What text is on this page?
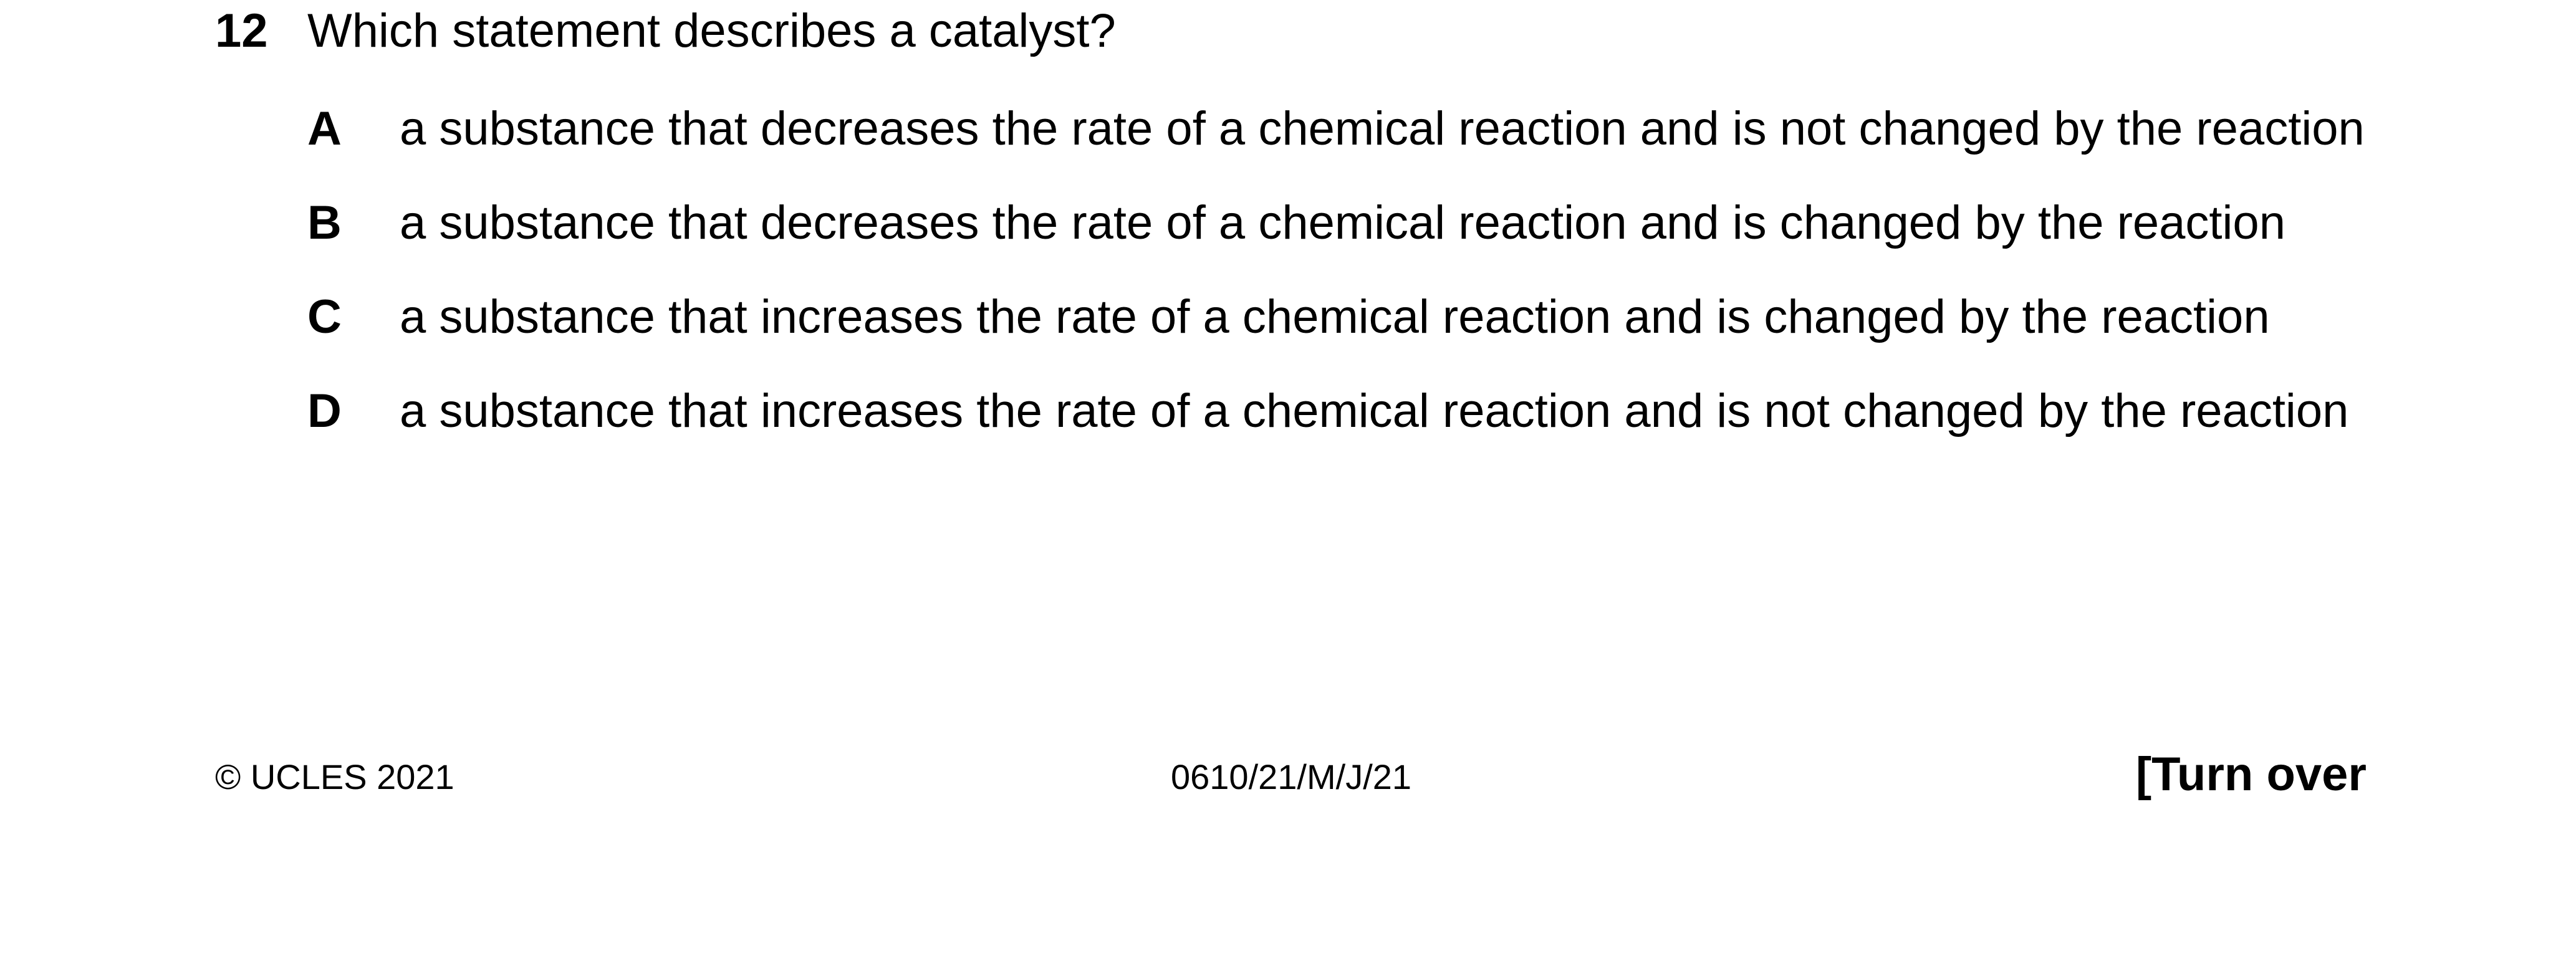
12 Which statement describes a catalyst?
A	a substance that decreases the rate of a chemical reaction and is not changed by the reaction
B	a substance that decreases the rate of a chemical reaction and is changed by the reaction
C	a substance that increases the rate of a chemical reaction and is changed by the reaction
D	a substance that increases the rate of a chemical reaction and is not changed by the reaction
© UCLES 2021	0610/21/M/J/21	[Turn over
